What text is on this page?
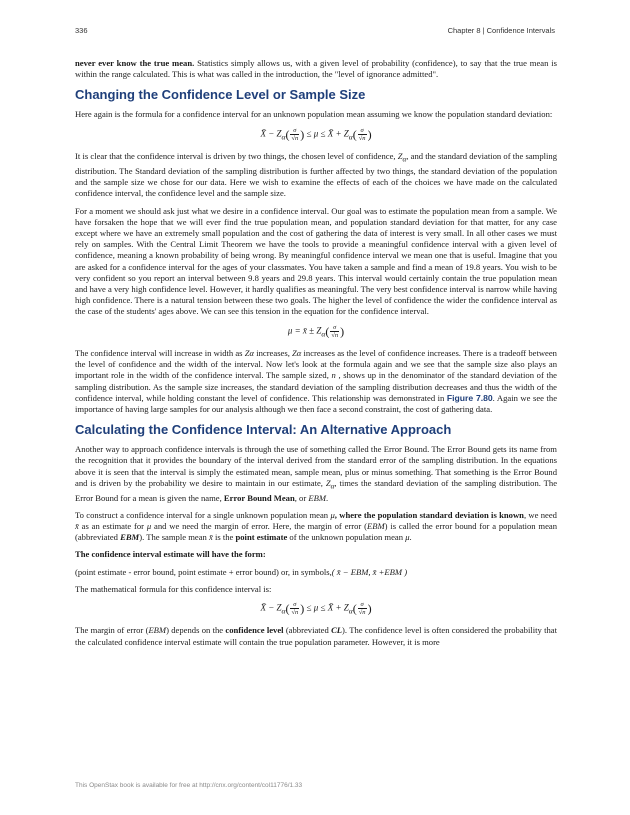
336	Chapter 8 | Confidence Intervals

never ever know the true mean. Statistics simply allows us, with a given level of probability (confidence), to say that the true mean is within the range calculated. This is what was called in the introduction, the "level of ignorance admitted".

Changing the Confidence Level or Sample Size

Here again is the formula for a confidence interval for an unknown population mean assuming we know the population standard deviation:

X̄ − $Z_\alpha( \frac{\sigma}{√n}$ ) ≤ μ ≤ X̄ + $Z_\alpha( \frac{\sigma}{√n}$ )

It is clear that the confidence interval is driven by two things, the chosen level of confidence, $Z_\alpha$, and the standard deviation of the sampling distribution. The Standard deviation of the sampling distribution is further affected by two things, the standard deviation of the population and the sample size we chose for our data. Here we wish to examine the effects of each of the choices we have made on the calculated confidence interval, the confidence level and the sample size.

For a moment we should ask just what we desire in a confidence interval. Our goal was to estimate the population mean from a sample. We have forsaken the hope that we will ever find the true population mean, and population standard deviation for that matter, for any case except where we have an extremely small population and the cost of gathering the data of interest is very small. In all other cases we must rely on samples. With the Central Limit Theorem we have the tools to provide a meaningful confidence interval with a given level of confidence, meaning a known probability of being wrong. By meaningful confidence interval we mean one that is useful. Imagine that you are asked for a confidence interval for the ages of your classmates. You have taken a sample and find a mean of 19.8 years. You wish to be very confident so you report an interval between 9.8 years and 29.8 years. This interval would certainly contain the true population mean and have a very high confidence level. However, it hardly qualifies as meaningful. The very best confidence interval is narrow while having high confidence. There is a natural tension between these two goals. The higher the level of confidence the wider the confidence interval as the case of the students' ages above. We can see this tension in the equation for the confidence interval.

μ = x̄ ± $Z_\alpha( \frac{\sigma}{√n}$ )

The confidence interval will increase in width as Zα increases, Zα increases as the level of confidence increases. There is a tradeoff between the level of confidence and the width of the interval. Now let's look at the formula again and we see that the sample size also plays an important role in the width of the confidence interval. The sample sized, n , shows up in the denominator of the standard deviation of the sampling distribution. As the sample size increases, the standard deviation of the sampling distribution decreases and thus the width of the confidence interval, while holding constant the level of confidence. This relationship was demonstrated in Figure 7.80. Again we see the importance of having large samples for our analysis although we then face a second constraint, the cost of gathering data.

Calculating the Confidence Interval: An Alternative Approach

Another way to approach confidence intervals is through the use of something called the Error Bound. The Error Bound gets its name from the recognition that it provides the boundary of the interval derived from the standard error of the sampling distribution. In the equations above it is seen that the interval is simply the estimated mean, sample mean, plus or minus something. That something is the Error Bound and is driven by the probability we desire to maintain in our estimate, $Z_\alpha$, times the standard deviation of the sampling distribution. The Error Bound for a mean is given the name, Error Bound Mean, or EBM.

To construct a confidence interval for a single unknown population mean μ, where the population standard deviation is known, we need x̄ as an estimate for μ and we need the margin of error. Here, the margin of error (EBM) is called the error bound for a population mean (abbreviated EBM). The sample mean x̄ is the point estimate of the unknown population mean μ.

The confidence interval estimate will have the form:

(point estimate - error bound, point estimate + error bound) or, in symbols,( x̄ − EBM, x̄ +EBM )

The mathematical formula for this confidence interval is:

X̄ − $Z_\alpha( \frac{\sigma}{√n}$ ) ≤ μ ≤ X̄ + $Z_\alpha( \frac{\sigma}{√n}$ )

The margin of error (EBM) depends on the confidence level (abbreviated CL). The confidence level is often considered the probability that the calculated confidence interval estimate will contain the true population parameter. However, it is more

This OpenStax book is available for free at http://cnx.org/content/col11776/1.33
